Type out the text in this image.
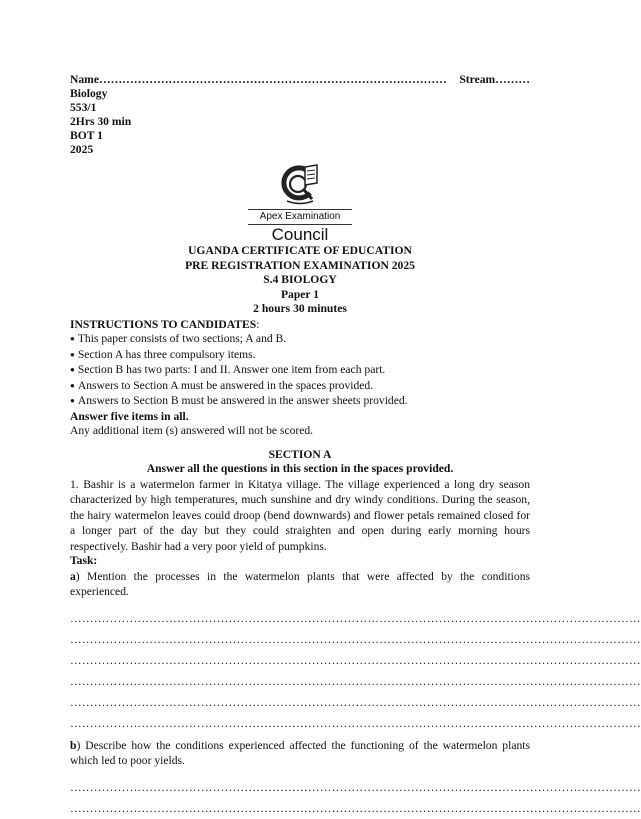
Name……………………………………………………………………………… Stream………
Biology
553/1
2Hrs 30 min
BOT 1
2025
Apex Examination
Council
UGANDA CERTIFICATE OF EDUCATION
PRE REGISTRATION EXAMINATION 2025
S.4 BIOLOGY
Paper 1
2 hours 30 minutes
INSTRUCTIONS TO CANDIDATES:
● This paper consists of two sections; A and B.
● Section A has three compulsory items.
● Section B has two parts: I and II. Answer one item from each part.
● Answers to Section A must be answered in the spaces provided.
● Answers to Section B must be answered in the answer sheets provided.
Answer five items in all.
Any additional item (s) answered will not be scored.
SECTION A
Answer all the questions in this section in the spaces provided.
1. Bashir is a watermelon farmer in Kitatya village. The village experienced a long dry season characterized by high temperatures, much sunshine and dry windy conditions. During the season, the hairy watermelon leaves could droop (bend downwards) and flower petals remained closed for a longer part of the day but they could straighten and open during early morning hours respectively. Bashir had a very poor yield of pumpkins.
Task:
a) Mention the processes in the watermelon plants that were affected by the conditions experienced.
………………………………………………………………………………………………………………………………
………………………………………………………………………………………………………………………………
………………………………………………………………………………………………………………………………
………………………………………………………………………………………………………………………………
………………………………………………………………………………………………………………………………
………………………………………………………………………………………………………………………………
b) Describe how the conditions experienced affected the functioning of the watermelon plants which led to poor yields.
………………………………………………………………………………………………………………………………
………………………………………………………………………………………………………………………………
